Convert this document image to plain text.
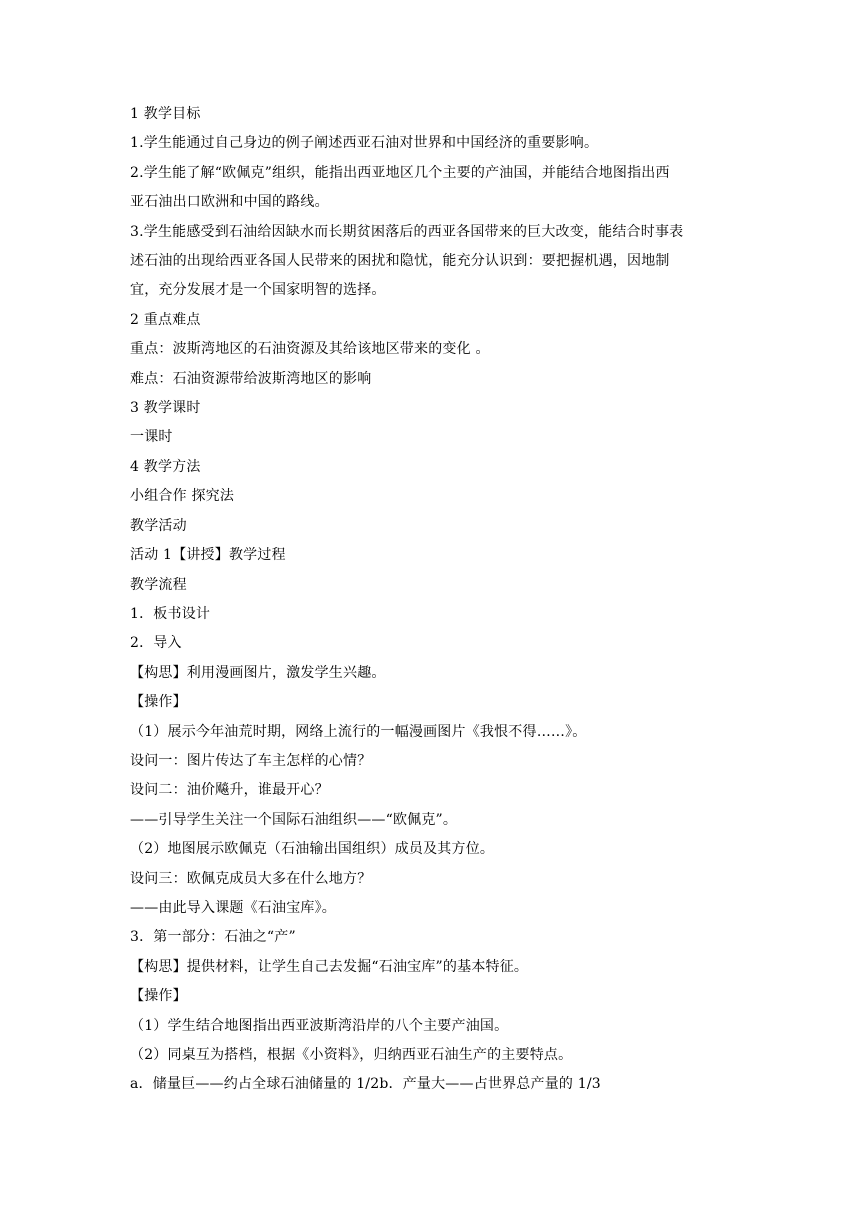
1 教学目标
1.学生能通过自己身边的例子阐述西亚石油对世界和中国经济的重要影响。
2.学生能了解“欧佩克”组织，能指出西亚地区几个主要的产油国，并能结合地图指出西
亚石油出口欧洲和中国的路线。
3.学生能感受到石油给因缺水而长期贫困落后的西亚各国带来的巨大改变，能结合时事表
述石油的出现给西亚各国人民带来的困扰和隐忧，能充分认识到：要把握机遇，因地制
宜，充分发展才是一个国家明智的选择。
2 重点难点
重点：波斯湾地区的石油资源及其给该地区带来的变化 。
难点：石油资源带给波斯湾地区的影响
3 教学课时
一课时
4 教学方法
小组合作 探究法
教学活动
活动 1【讲授】教学过程
教学流程
1．板书设计
2．导入
【构思】利用漫画图片，激发学生兴趣。
【操作】
（1）展示今年油荒时期，网络上流行的一幅漫画图片《我恨不得……》。
设问一：图片传达了车主怎样的心情？
设问二：油价飚升，谁最开心？
——引导学生关注一个国际石油组织——“欧佩克”。
（2）地图展示欧佩克（石油输出国组织）成员及其方位。
设问三：欧佩克成员大多在什么地方？
——由此导入课题《石油宝库》。
3．第一部分：石油之“产”
【构思】提供材料，让学生自己去发掘“石油宝库”的基本特征。
【操作】
（1）学生结合地图指出西亚波斯湾沿岸的八个主要产油国。
（2）同桌互为搭档，根据《小资料》，归纳西亚石油生产的主要特点。
a．储量巨——约占全球石油储量的 1/2b．产量大——占世界总产量的 1/3
